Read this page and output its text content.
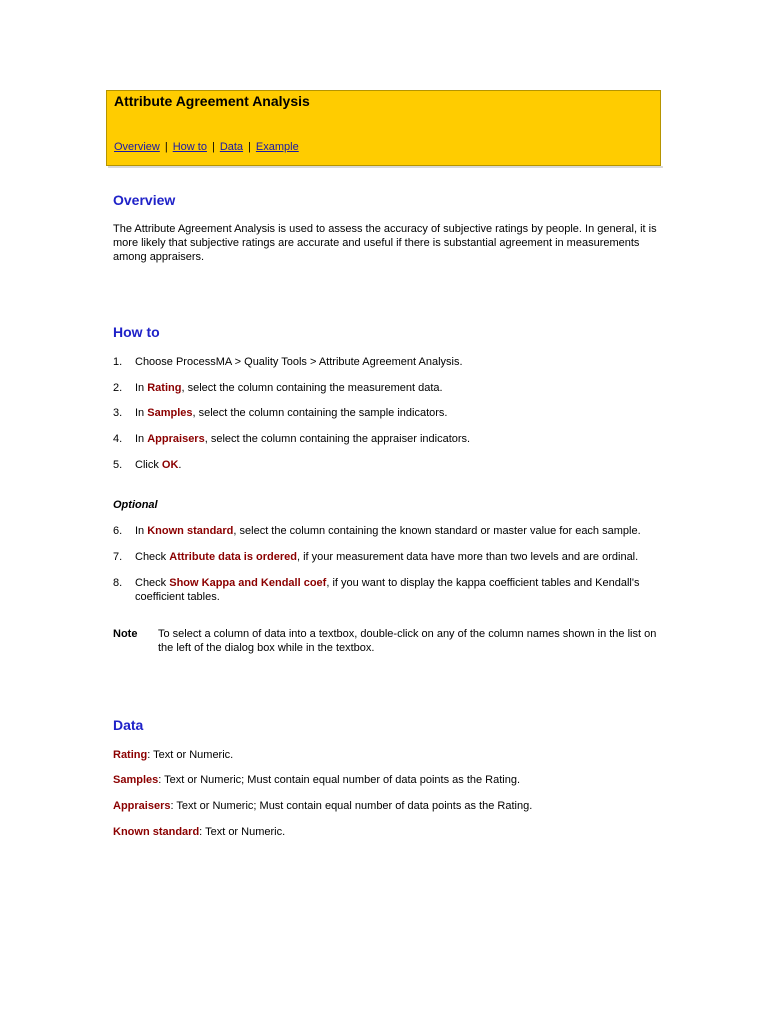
Attribute Agreement Analysis
Overview | How to | Data | Example
Overview
The Attribute Agreement Analysis is used to assess the accuracy of subjective ratings by people. In general, it is more likely that subjective ratings are accurate and useful if there is substantial agreement in measurements among appraisers.
How to
1.	Choose ProcessMA > Quality Tools > Attribute Agreement Analysis.
2.	In Rating, select the column containing the measurement data.
3.	In Samples, select the column containing the sample indicators.
4.	In Appraisers, select the column containing the appraiser indicators.
5.	Click OK.
Optional
6.	In Known standard, select the column containing the known standard or master value for each sample.
7.	Check Attribute data is ordered, if your measurement data have more than two levels and are ordinal.
8.	Check Show Kappa and Kendall coef, if you want to display the kappa coefficient tables and Kendall's coefficient tables.
Note To select a column of data into a textbox, double-click on any of the column names shown in the list on the left of the dialog box while in the textbox.
Data
Rating: Text or Numeric.
Samples: Text or Numeric; Must contain equal number of data points as the Rating.
Appraisers: Text or Numeric; Must contain equal number of data points as the Rating.
Known standard: Text or Numeric.
